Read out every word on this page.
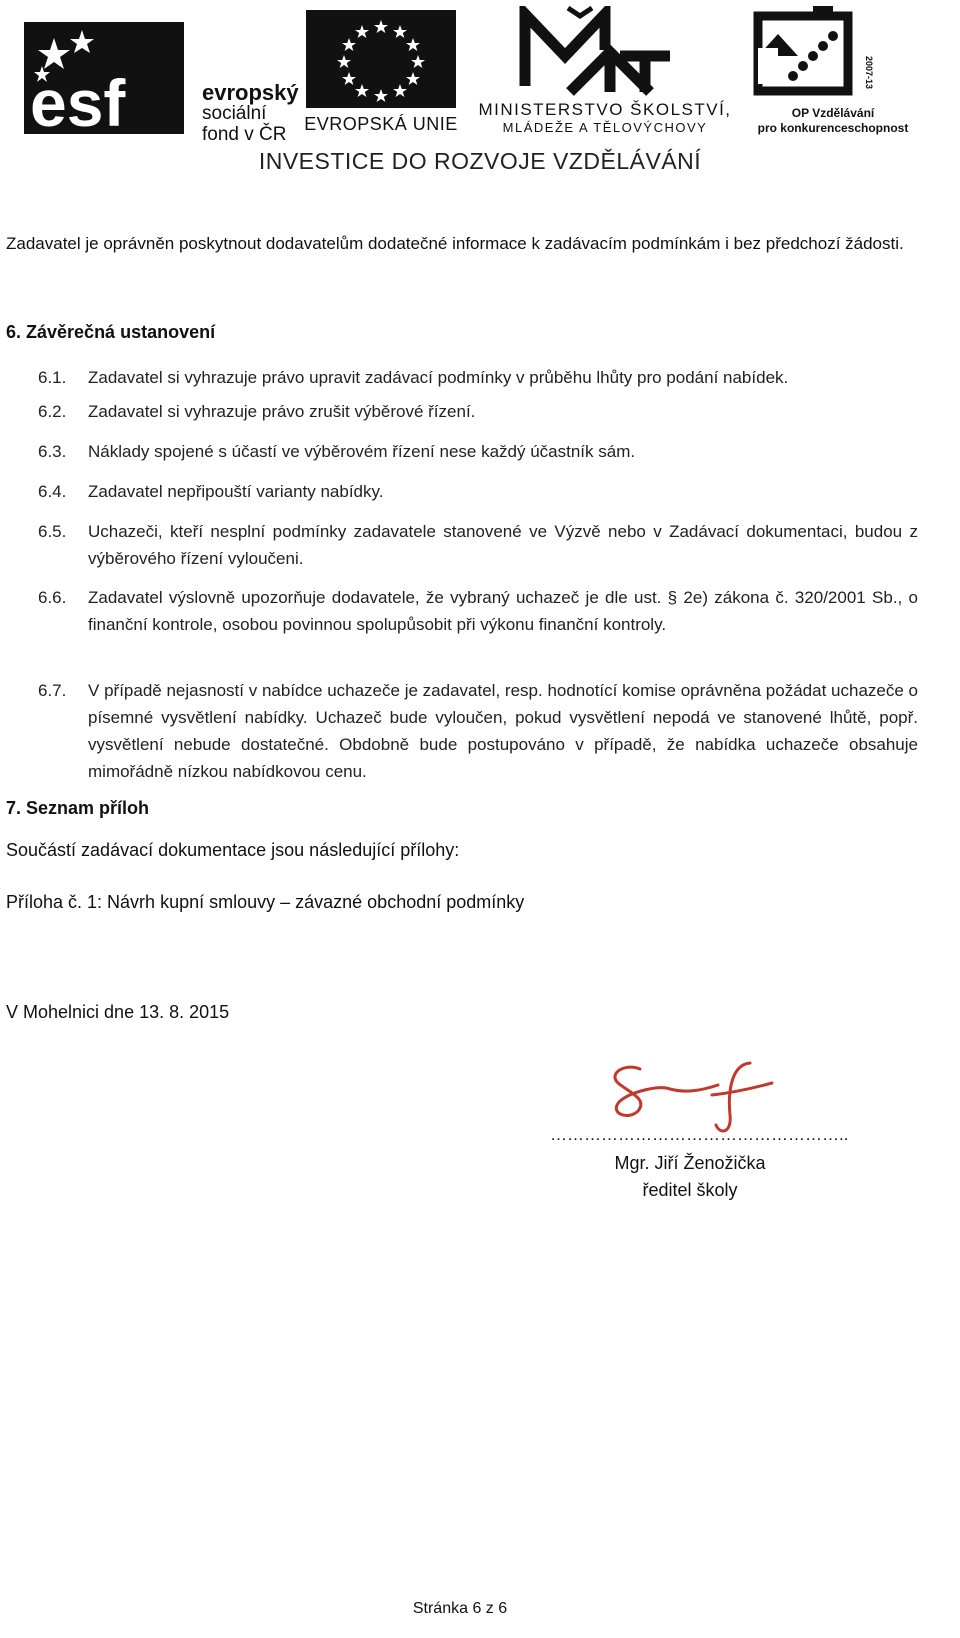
esf	evropský
sociální
fond v ČR EVROPSKÁ UNIE
MINISTERSTVO ŠKOLSTVÍ,
MLÁDEŽE A TĚLOVÝCHOVY
2007-13
OP Vzdělávání
pro konkurenceschopnost
INVESTICE DO ROZVOJE VZDĚLÁVÁNÍ
Zadavatel je oprávněn poskytnout dodavatelům dodatečné informace k zadávacím podmínkám i bez předchozí žádosti.
6. Závěrečná ustanovení
6.1.	Zadavatel si vyhrazuje právo upravit zadávací podmínky v průběhu lhůty pro podání nabídek.
6.2.	Zadavatel si vyhrazuje právo zrušit výběrové řízení.
6.3.	Náklady spojené s účastí ve výběrovém řízení nese každý účastník sám.
6.4.	Zadavatel nepřipouští varianty nabídky.
6.5.	Uchazeči, kteří nesplní podmínky zadavatele stanovené ve Výzvě nebo v Zadávací dokumentaci, budou z výběrového řízení vyloučeni.
6.6.	Zadavatel výslovně upozorňuje dodavatele, že vybraný uchazeč je dle ust. § 2e) zákona č. 320/2001 Sb., o finanční kontrole, osobou povinnou spolupůsobit při výkonu finanční kontroly.
6.7.	V případě nejasností v nabídce uchazeče je zadavatel, resp. hodnotící komise oprávněna požádat uchazeče o písemné vysvětlení nabídky. Uchazeč bude vyloučen, pokud vysvětlení nepodá ve stanovené lhůtě, popř. vysvětlení nebude dostatečné. Obdobně bude postupováno v případě, že nabídka uchazeče obsahuje mimořádně nízkou nabídkovou cenu.
7. Seznam příloh
Součástí zadávací dokumentace jsou následující přílohy:
Příloha č. 1: Návrh kupní smlouvy – závazné obchodní podmínky
V Mohelnici dne 13. 8. 2015
……………………………………………..
Mgr. Jiří Ženožička
ředitel školy
Stránka 6 z 6
